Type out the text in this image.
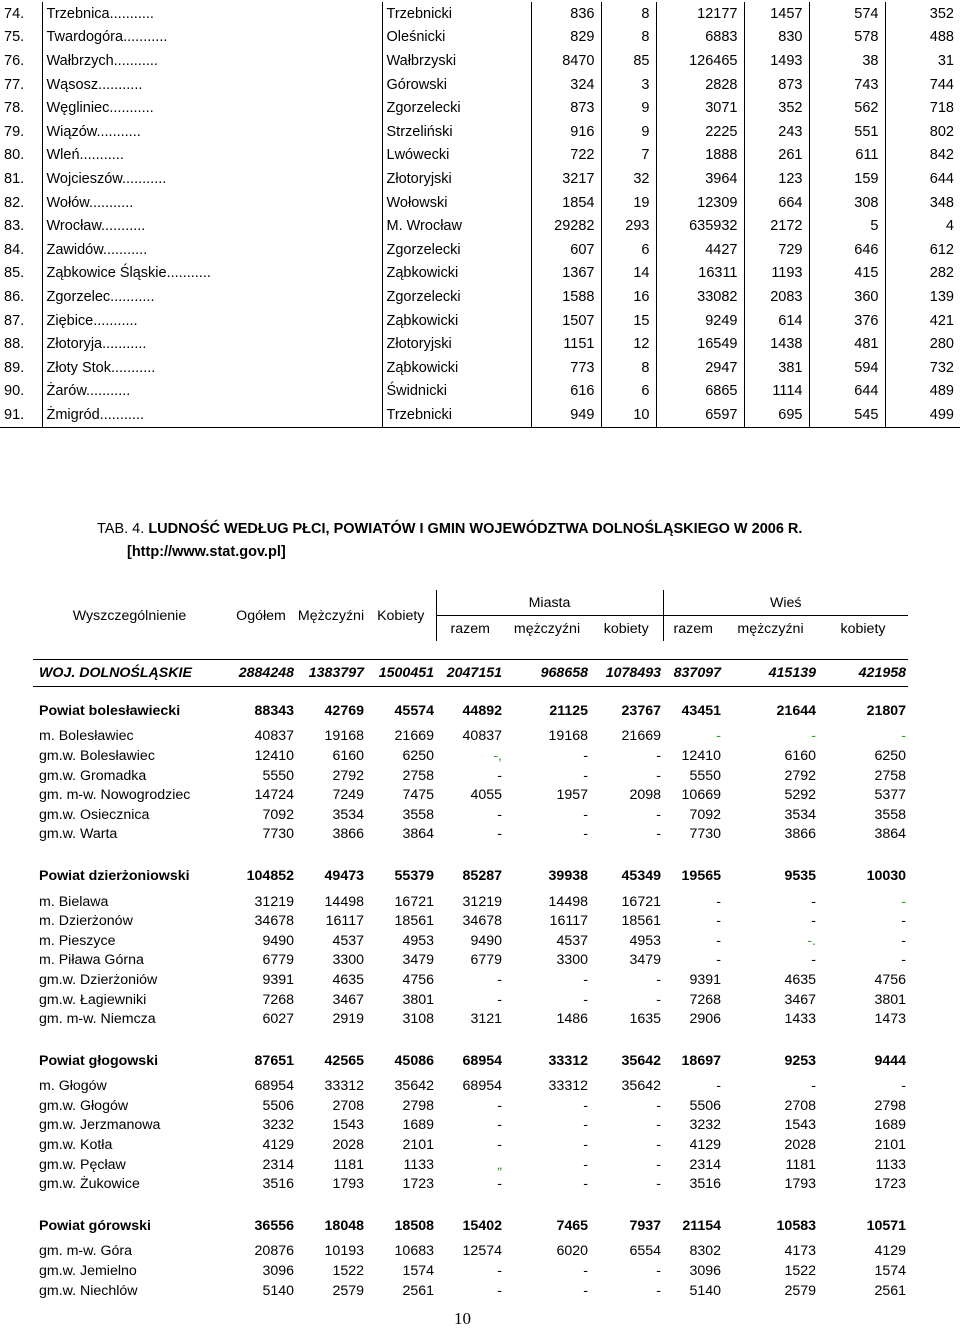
74.	Trzebnica...........	Trzebnicki	836	8	12177	1457	574	352
75.	Twardogóra...........	Oleśnicki	829	8	6883	830	578	488
76.	Wałbrzych...........	Wałbrzyski	8470	85	126465	1493	38	31
77.	Wąsosz...........	Górowski	324	3	2828	873	743	744
78.	Węgliniec...........	Zgorzelecki	873	9	3071	352	562	718
79.	Wiązów...........	Strzeliński	916	9	2225	243	551	802
80.	Wleń...........	Lwówecki	722	7	1888	261	611	842
81.	Wojcieszów...........	Złotoryjski	3217	32	3964	123	159	644
82.	Wołów...........	Wołowski	1854	19	12309	664	308	348
83.	Wrocław...........	M. Wrocław	29282	293	635932	2172	5	4
84.	Zawidów...........	Zgorzelecki	607	6	4427	729	646	612
85.	Ząbkowice Śląskie...........	Ząbkowicki	1367	14	16311	1193	415	282
86.	Zgorzelec...........	Zgorzelecki	1588	16	33082	2083	360	139
87.	Ziębice...........	Ząbkowicki	1507	15	9249	614	376	421
88.	Złotoryja...........	Złotoryjski	1151	12	16549	1438	481	280
89.	Złoty Stok...........	Ząbkowicki	773	8	2947	381	594	732
90.	Żarów...........	Świdnicki	616	6	6865	1114	644	489
91.	Żmigród...........	Trzebnicki	949	10	6597	695	545	499
TAB. 4. LUDNOŚĆ WEDŁUG PŁCI, POWIATÓW I GMIN WOJEWÓDZTWA DOLNOŚLĄSKIEGO W 2006 R.
[http://www.stat.gov.pl]
Wyszczególnienie	Ogółem	Mężczyźni	Kobiety	Miasta			Wieś		
				razem	mężczyźni	kobiety	razem	mężczyźni	kobiety

WOJ. DOLNOŚLĄSKIE	2884248	1383797	1500451	2047151	968658	1078493	837097	415139	421958

Powiat bolesławiecki	88343	42769	45574	44892	21125	23767	43451	21644	21807

m. Bolesławiec	40837	19168	21669	40837	19168	21669	-	-	-
gm.w. Bolesławiec	12410	6160	6250	-,	-	-	12410	6160	6250
gm.w. Gromadka	5550	2792	2758	-	-	-	5550	2792	2758
gm. m-w. Nowogrodziec	14724	7249	7475	4055	1957	2098	10669	5292	5377
gm.w. Osiecznica	7092	3534	3558	-	-	-	7092	3534	3558
gm.w. Warta	7730	3866	3864	-	-	-	7730	3866	3864

Powiat dzierżoniowski	104852	49473	55379	85287	39938	45349	19565	9535	10030

m. Bielawa	31219	14498	16721	31219	14498	16721	-	-	-
m. Dzierżonów	34678	16117	18561	34678	16117	18561	-	-	-
m. Pieszyce	9490	4537	4953	9490	4537	4953	-	-.	-
m. Piława Górna	6779	3300	3479	6779	3300	3479	-	-	-
gm.w. Dzierżoniów	9391	4635	4756	-	-	-	9391	4635	4756
gm.w. Łagiewniki	7268	3467	3801	-	-	-	7268	3467	3801
gm. m-w. Niemcza	6027	2919	3108	3121	1486	1635	2906	1433	1473

Powiat głogowski	87651	42565	45086	68954	33312	35642	18697	9253	9444

m. Głogów	68954	33312	35642	68954	33312	35642	-	-	-
gm.w. Głogów	5506	2708	2798	-	-	-	5506	2708	2798
gm.w. Jerzmanowa	3232	1543	1689	-	-	-	3232	1543	1689
gm.w. Kotła	4129	2028	2101	-	-	-	4129	2028	2101
gm.w. Pęcław	2314	1181	1133	„	-	-	2314	1181	1133
gm.w. Żukowice	3516	1793	1723	-	-	-	3516	1793	1723

Powiat górowski	36556	18048	18508	15402	7465	7937	21154	10583	10571

gm. m-w. Góra	20876	10193	10683	12574	6020	6554	8302	4173	4129
gm.w. Jemielno	3096	1522	1574	-	-	-	3096	1522	1574
gm.w. Niechlów	5140	2579	2561	-	-	-	5140	2579	2561
10
